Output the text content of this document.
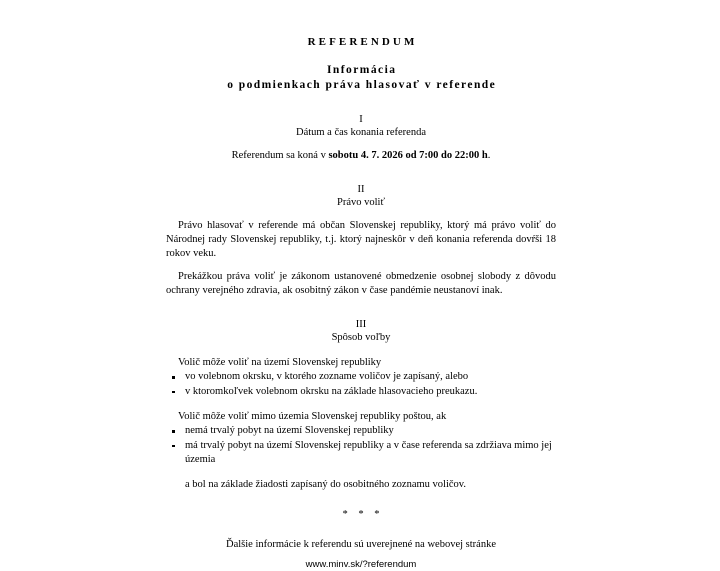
REFERENDUM
Informácia
o podmienkach práva hlasovať v referende
I
Dátum a čas konania referenda
Referendum sa koná v sobotu 4. 7. 2026 od 7:00 do 22:00 h.
II
Právo voliť
Právo hlasovať v referende má občan Slovenskej republiky, ktorý má právo voliť do Národnej rady Slovenskej republiky, t.j. ktorý najneskôr v deň konania referenda dovŕši 18 rokov veku.
Prekážkou práva voliť je zákonom ustanovené obmedzenie osobnej slobody z dôvodu ochrany verejného zdravia, ak osobitný zákon v čase pandémie neustanoví inak.
III
Spôsob voľby
Volič môže voliť na území Slovenskej republiky
vo volebnom okrsku, v ktorého zozname voličov je zapísaný, alebo
v ktoromkoľvek volebnom okrsku na základe hlasovacieho preukazu.
Volič môže voliť mimo územia Slovenskej republiky poštou, ak
nemá trvalý pobyt na území Slovenskej republiky
má trvalý pobyt na území Slovenskej republiky a v čase referenda sa zdržiava mimo jej územia
a bol na základe žiadosti zapísaný do osobitného zoznamu voličov.
* * *
Ďalšie informácie k referendu sú uverejnené na webovej stránke
www.minv.sk/?referendum
